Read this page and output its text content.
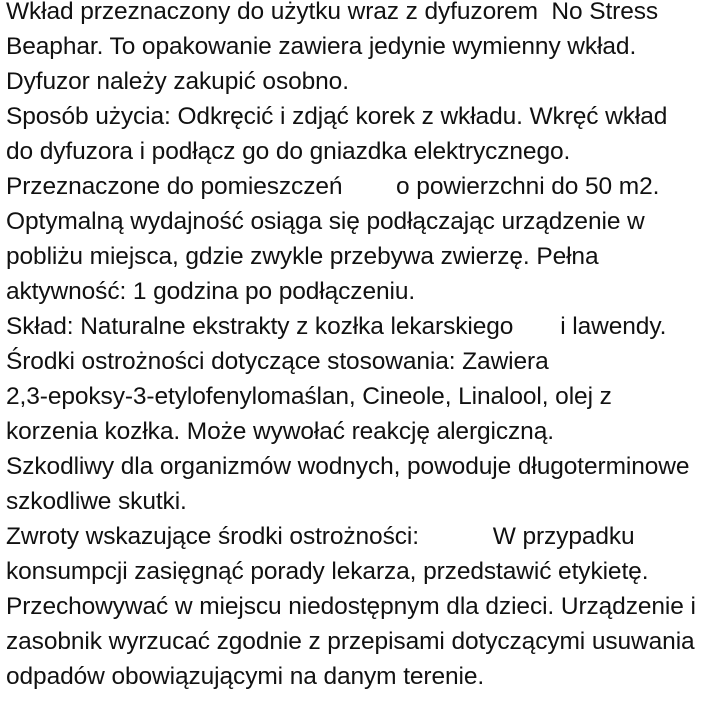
Wkład przeznaczony do użytku wraz z dyfuzorem  No Stress
Beaphar. To opakowanie zawiera jedynie wymienny wkład.
Dyfuzor należy zakupić osobno.
Sposób użycia: Odkręcić i zdjąć korek z wkładu. Wkręć wkład
do dyfuzora i podłącz go do gniazdka elektrycznego.
Przeznaczone do pomieszczeń        o powierzchni do 50 m2.
Optymalną wydajność osiąga się podłączając urządzenie w
pobliżu miejsca, gdzie zwykle przebywa zwierzę. Pełna
aktywność: 1 godzina po podłączeniu.
Skład: Naturalne ekstrakty z kozłka lekarskiego       i lawendy.
Środki ostrożności dotyczące stosowania: Zawiera
2,3-epoksy-3-etylofenylomaślan, Cineole, Linalool, olej z
korzenia kozłka. Może wywołać reakcję alergiczną.
Szkodliwy dla organizmów wodnych, powoduje długoterminowe
szkodliwe skutki.
Zwroty wskazujące środki ostrożności:           W przypadku
konsumpcji zasięgnąć porady lekarza, przedstawić etykietę.
Przechowywać w miejscu niedostępnym dla dzieci. Urządzenie i
zasobnik wyrzucać zgodnie z przepisami dotyczącymi usuwania
odpadów obowiązującymi na danym terenie.
